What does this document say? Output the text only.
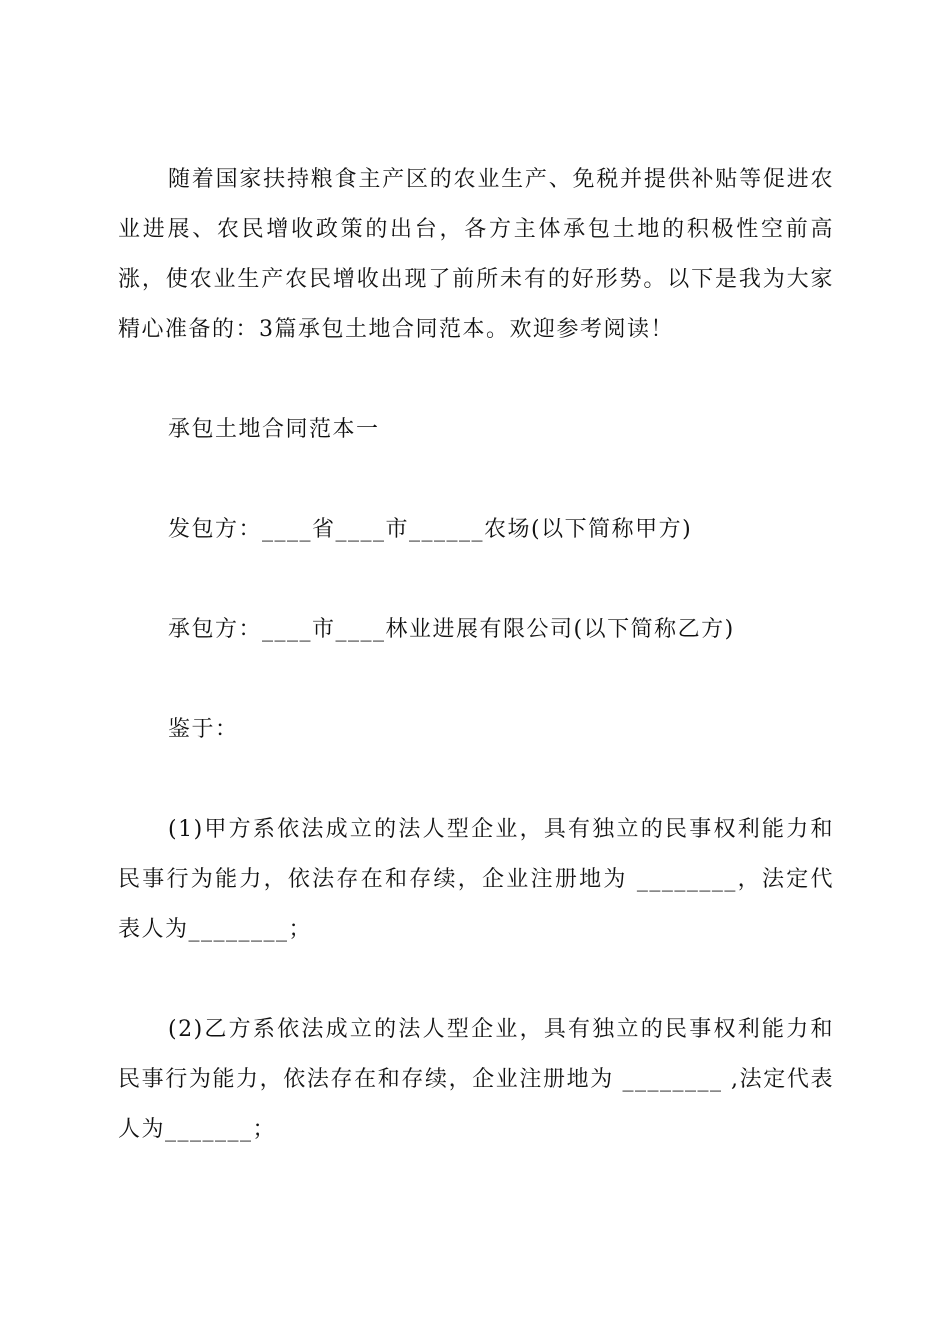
随着国家扶持粮食主产区的农业生产、免税并提供补贴等促进农业进展、农民增收政策的出台，各方主体承包土地的积极性空前高涨，使农业生产农民增收出现了前所未有的好形势。以下是我为大家精心准备的：3篇承包土地合同范本。欢迎参考阅读！

承包土地合同范本一

发包方：____省____市______农场(以下简称甲方)

承包方：____市____林业进展有限公司(以下简称乙方)

鉴于：

(1)甲方系依法成立的法人型企业，具有独立的民事权利能力和民事行为能力，依法存在和存续，企业注册地为 ________，法定代表人为________；

(2)乙方系依法成立的法人型企业，具有独立的民事权利能力和民事行为能力，依法存在和存续，企业注册地为 ________ ,法定代表人为_______；
